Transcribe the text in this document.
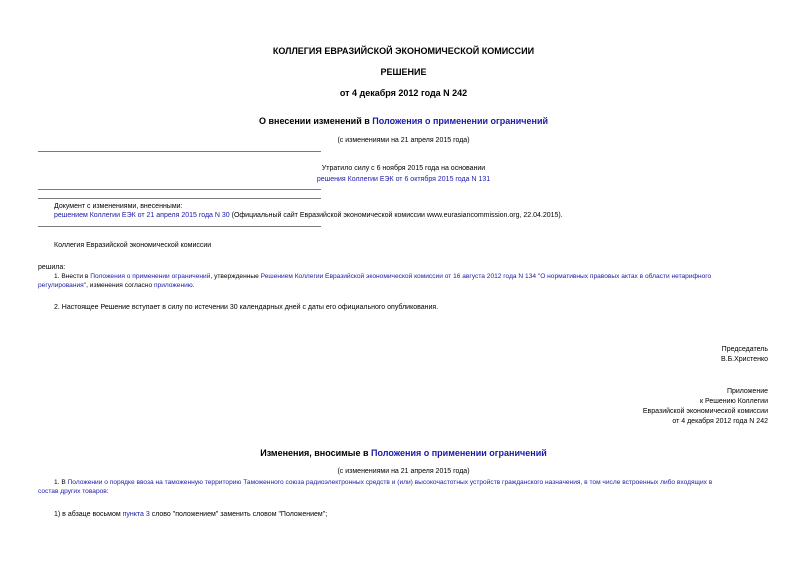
КОЛЛЕГИЯ ЕВРАЗИЙСКОЙ ЭКОНОМИЧЕСКОЙ КОМИССИИ
РЕШЕНИЕ
от 4 декабря 2012 года N 242
О внесении изменений в Положения о применении ограничений
(с изменениями на 21 апреля 2015 года)
Утратило силу с 6 ноября 2015 года на основании
решения Коллегии ЕЭК от 6 октября 2015 года N 131
Документ с изменениями, внесенными:
решением Коллегии ЕЭК от 21 апреля 2015 года N 30 (Официальный сайт Евразийской экономической комиссии www.eurasiancommission.org, 22.04.2015).
Коллегия Евразийской экономической комиссии
решила:
1. Внести в Положения о применении ограничений, утвержденные Решением Коллегии Евразийской экономической комиссии от 16 августа 2012 года N 134 "О нормативных правовых актах в области нетарифного
регулирования", изменения согласно приложению.
2. Настоящее Решение вступает в силу по истечении 30 календарных дней с даты его официального опубликования.
Председатель
В.Б.Христенко
Приложение
к Решению Коллегии
Евразийской экономической комиссии
от 4 декабря 2012 года N 242
Изменения, вносимые в Положения о применении ограничений
(с изменениями на 21 апреля 2015 года)
1. В Положении о порядке ввоза на таможенную территорию Таможенного союза радиоэлектронных средств и (или) высокочастотных устройств гражданского назначения, в том числе встроенных либо входящих в
состав других товаров:
1) в абзаце восьмом пункта 3 слово "положением" заменить словом "Положением";
